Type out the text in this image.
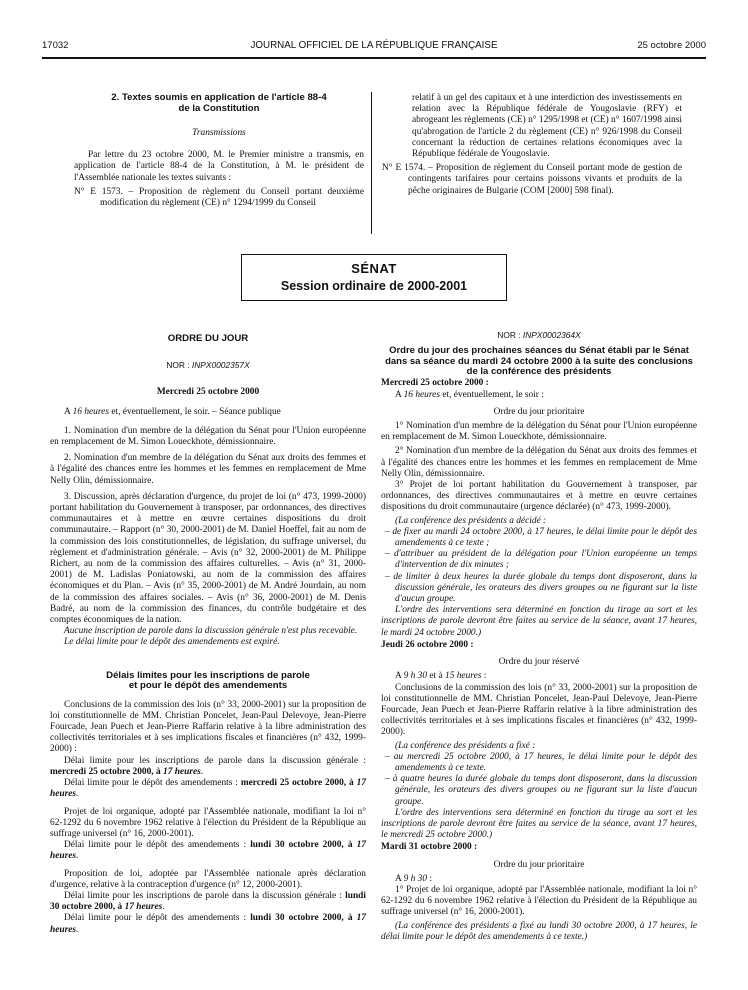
17032	JOURNAL OFFICIEL DE LA RÉPUBLIQUE FRANÇAISE	25 octobre 2000

2. Textes soumis en application de l'article 88-4
de la Constitution

Transmissions

Par lettre du 23 octobre 2000, M. le Premier ministre a transmis, en application de l'article 88-4 de la Constitution, à M. le président de l'Assemblée nationale les textes suivants :

N° E 1573. – Proposition de règlement du Conseil portant deuxième modification du règlement (CE) n° 1294/1999 du Conseil

relatif à un gel des capitaux et à une interdiction des investissements en relation avec la République fédérale de Yougoslavie (RFY) et abrogeant les règlements (CE) n° 1295/1998 et (CE) n° 1607/1998 ainsi qu'abrogation de l'article 2 du règlement (CE) n° 926/1998 du Conseil concernant la réduction de certaines relations économiques avec la République fédérale de Yougoslavie.

N° E 1574. – Proposition de règlement du Conseil portant mode de gestion de contingents tarifaires pour certains poissons vivants et produits de la pêche originaires de Bulgarie (COM [2000] 598 final).

SÉNAT
Session ordinaire de 2000-2001

ORDRE DU JOUR

NOR : INPX0002357X

Mercredi 25 octobre 2000

A 16 heures et, éventuellement, le soir. – Séance publique

1. Nomination d'un membre de la délégation du Sénat pour l'Union européenne en remplacement de M. Simon Loueckhote, démissionnaire.

2. Nomination d'un membre de la délégation du Sénat aux droits des femmes et à l'égalité des chances entre les hommes et les femmes en remplacement de Mme Nelly Olin, démissionnaire.

3. Discussion, après déclaration d'urgence, du projet de loi (n° 473, 1999-2000) portant habilitation du Gouvernement à transposer, par ordonnances, des directives communautaires et à mettre en œuvre certaines dispositions du droit communautaire. – Rapport (n° 30, 2000-2001) de M. Daniel Hoeffel, fait au nom de la commission des lois constitutionnelles, de législation, du suffrage universel, du règlement et d'administration générale. – Avis (n° 32, 2000-2001) de M. Philippe Richert, au nom de la commission des affaires culturelles. – Avis (n° 31, 2000-2001) de M. Ladislas Poniatowski, au nom de la commission des affaires économiques et du Plan. – Avis (n° 35, 2000-2001) de M. André Jourdain, au nom de la commission des affaires sociales. – Avis (n° 36, 2000-2001) de M. Denis Badré, au nom de la commission des finances, du contrôle budgétaire et des comptes économiques de la nation.

Aucune inscription de parole dans la discussion générale n'est plus recevable.

Le délai limite pour le dépôt des amendements est expiré.

Délais limites pour les inscriptions de parole
et pour le dépôt des amendements

Conclusions de la commission des lois (n° 33, 2000-2001) sur la proposition de loi constitutionnelle de MM. Christian Poncelet, Jean-Paul Delevoye, Jean-Pierre Fourcade, Jean Puech et Jean-Pierre Raffarin relative à la libre administration des collectivités territoriales et à ses implications fiscales et financières (n° 432, 1999-2000) :

Délai limite pour les inscriptions de parole dans la discussion générale : mercredi 25 octobre 2000, à 17 heures.

Délai limite pour le dépôt des amendements : mercredi 25 octobre 2000, à 17 heures.

Projet de loi organique, adopté par l'Assemblée nationale, modifiant la loi n° 62-1292 du 6 novembre 1962 relative à l'élection du Président de la République au suffrage universel (n° 16, 2000-2001).

Délai limite pour le dépôt des amendements : lundi 30 octobre 2000, à 17 heures.

Proposition de loi, adoptée par l'Assemblée nationale après déclaration d'urgence, relative à la contraception d'urgence (n° 12, 2000-2001).

Délai limite pour les inscriptions de parole dans la discussion générale : lundi 30 octobre 2000, à 17 heures.

Délai limite pour le dépôt des amendements : lundi 30 octobre 2000, à 17 heures.

NOR : INPX0002364X

Ordre du jour des prochaines séances du Sénat établi par le Sénat dans sa séance du mardi 24 octobre 2000 à la suite des conclusions de la conférence des présidents

Mercredi 25 octobre 2000 :

A 16 heures et, éventuellement, le soir :

Ordre du jour prioritaire

1° Nomination d'un membre de la délégation du Sénat pour l'Union européenne en remplacement de M. Simon Loueckhote, démissionnaire.

2° Nomination d'un membre de la délégation du Sénat aux droits des femmes et à l'égalité des chances entre les hommes et les femmes en remplacement de Mme Nelly Olin, démissionnaire.

3° Projet de loi portant habilitation du Gouvernement à transposer, par ordonnances, des directives communautaires et à mettre en œuvre certaines dispositions du droit communautaire (urgence déclarée) (n° 473, 1999-2000).

(La conférence des présidents a décidé :

– de fixer au mardi 24 octobre 2000, à 17 heures, le délai limite pour le dépôt des amendements à ce texte ;

– d'attribuer au président de la délégation pour l'Union européenne un temps d'intervention de dix minutes ;

– de limiter à deux heures la durée globale du temps dont disposeront, dans la discussion générale, les orateurs des divers groupes ou ne figurant sur la liste d'aucun groupe.

L'ordre des interventions sera déterminé en fonction du tirage au sort et les inscriptions de parole devront être faites au service de la séance, avant 17 heures, le mardi 24 octobre 2000.)

Jeudi 26 octobre 2000 :

Ordre du jour réservé

A 9 h 30 et à 15 heures :

Conclusions de la commission des lois (n° 33, 2000-2001) sur la proposition de loi constitutionnelle de MM. Christian Poncelet, Jean-Paul Delevoye, Jean-Pierre Fourcade, Jean Puech et Jean-Pierre Raffarin relative à la libre administration des collectivités territoriales et à ses implications fiscales et financières (n° 432, 1999-2000).

(La conférence des présidents a fixé :

– au mercredi 25 octobre 2000, à 17 heures, le délai limite pour le dépôt des amendements à ce texte.

– à quatre heures la durée globale du temps dont disposeront, dans la discussion générale, les orateurs des divers groupes ou ne figurant sur la liste d'aucun groupe.

L'ordre des interventions sera déterminé en fonction du tirage au sort et les inscriptions de parole devront être faites au service de la séance, avant 17 heures, le mercredi 25 octobre 2000.)

Mardi 31 octobre 2000 :

Ordre du jour prioritaire

A 9 h 30 :

1° Projet de loi organique, adopté par l'Assemblée nationale, modifiant la loi n° 62-1292 du 6 novembre 1962 relative à l'élection du Président de la République au suffrage universel (n° 16, 2000-2001).

(La conférence des présidents a fixé au lundi 30 octobre 2000, à 17 heures, le délai limite pour le dépôt des amendements à ce texte.)
